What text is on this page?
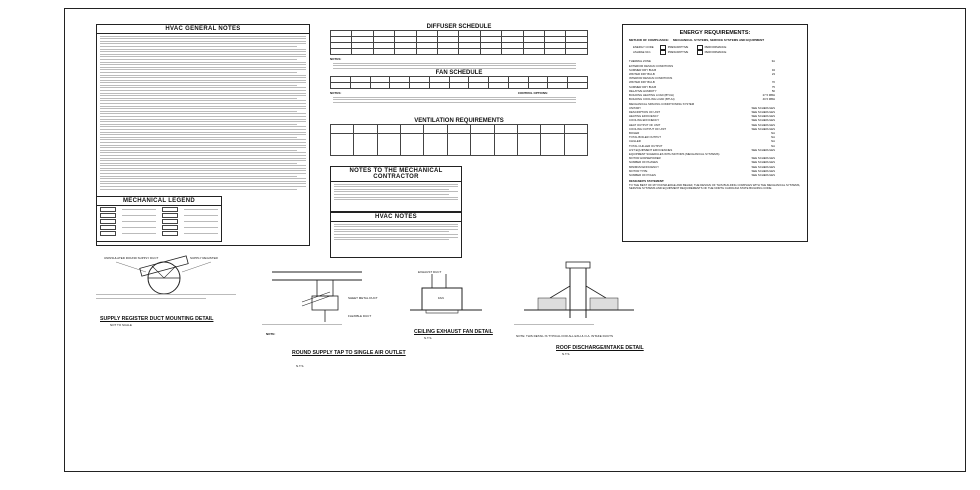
HVAC GENERAL NOTES	DIFFUSER SCHEDULE

NOTES:
FAN SCHEDULE

NOTES:	CONTROL OPTIONS:
VENTILATION REQUIREMENTS

NOTES TO THE MECHANICAL CONTRACTOR
HVAC NOTES
MECHANICAL LEGEND
ENERGY REQUIREMENTS:
METHOD OF COMPLIANCE: MECHANICAL SYSTEMS, SERVICE SYSTEMS AND EQUIPMENT
ENERGY CODE	PRESCRIPTIVE	PERFORMANCE
ASHRAE 90.1	PRESCRIPTIVE	PERFORMANCE
THERMAL ZONE	3A
EXTERIOR DESIGN CONDITIONS
SUMMER DRY BULB	94
WINTER DRY BULB	23
INTERIOR DESIGN CONDITIONS
WINTER DRY BULB	70
SUMMER DRY BULB	75
RELATIVE HUMIDITY	50
BUILDING HEATING LOAD (BTUH)	27.5 MBH
BUILDING COOLING LOAD (BTUH)	40.5 MBH
MECHANICAL SPACING CONDITIONING SYSTEM
UNITARY	SEE SCHEDULES
DESCRIPTION OF UNIT	SEE SCHEDULES
HEATING EFFICIENCY	SEE SCHEDULES
COOLING EFFICIENCY	SEE SCHEDULES
HEAT OUTPUT OF UNIT	SEE SCHEDULES
COOLING OUTPUT OF UNIT	SEE SCHEDULES
BOILER	NA
TOTAL BOILER OUTPUT	NA
CHILLER	NA
TOTAL CHILLER OUTPUT	NA
LIST EQUIPMENT EFFICIENCIES	SEE SCHEDULES
EQUIPMENT SCHEDULES WITH MOTORS (MECHANICAL SYSTEMS)
MOTOR HORSEPOWER	SEE SCHEDULES
NUMBER OF PHASES	SEE SCHEDULES
MINIMUM EFFICIENCY	SEE SCHEDULES
MOTOR TYPE	SEE SCHEDULES
NUMBER OF POLES	SEE SCHEDULES
DESIGNER'S STATEMENT:
TO THE BEST OF MY KNOWLEDGE AND BELIEF, THE DESIGN OF THIS BUILDING COMPLIES WITH THE MECHANICAL SYSTEMS, SERVICE SYSTEMS AND EQUIPMENT REQUIREMENTS OF THE NORTH CAROLINA STATE BUILDING CODE.
UNINSULATED ROUND SUPPLY DUCT	SUPPLY REGISTER
SUPPLY REGISTER DUCT MOUNTING DETAIL
NOT TO SCALE
SHEET METAL DUCT
FLEXIBLE DUCT
NOTE:
ROUND SUPPLY TAP TO SINGLE AIR OUTLET
N.T.S.
EXHAUST DUCT
FAN
CEILING EXHAUST FAN DETAIL
N.T.S.
ROOF DISCHARGE/INTAKE DETAIL
N.T.S.
NOTE: THIS DETAIL IS TYPICAL FOR ALL EXH & O.A. INTAKE DUCTS
